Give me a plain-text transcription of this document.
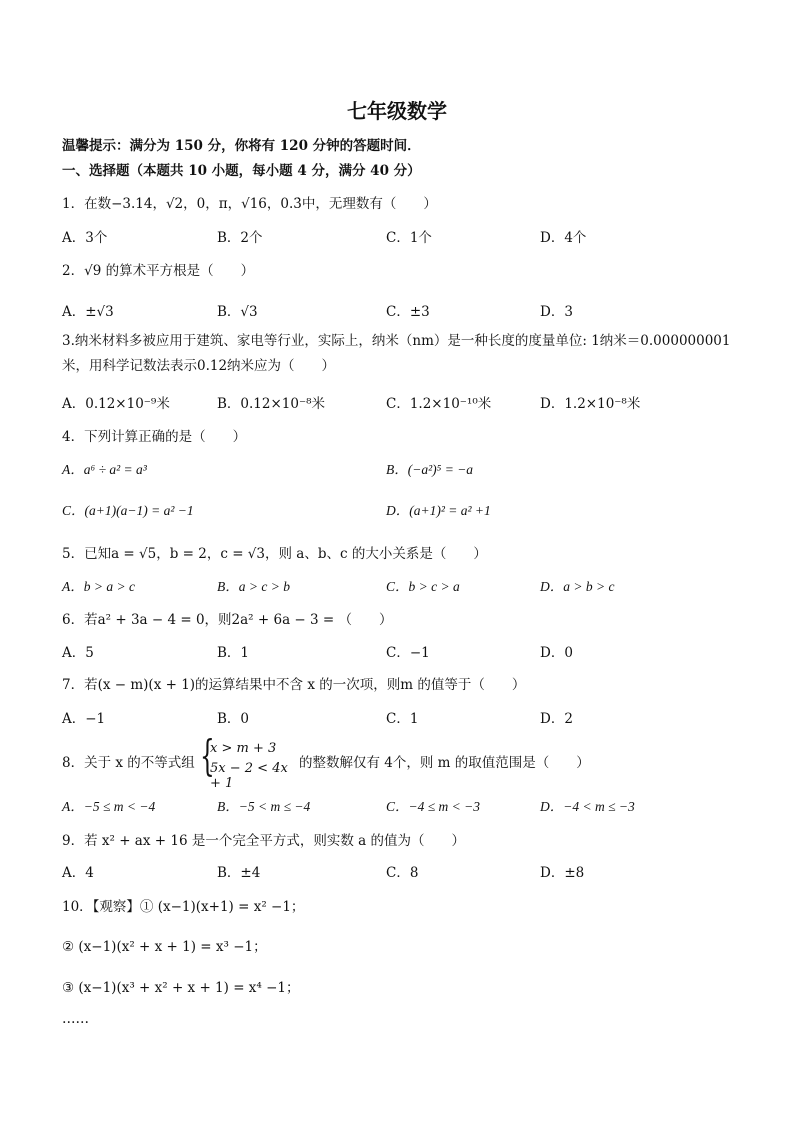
七年级数学
温馨提示：满分为 150 分，你将有 120 分钟的答题时间．
一、选择题（本题共 10 小题，每小题 4 分，满分 40 分）
1．在数−3.14，√2，0，π，√16，0.3̇中，无理数有（　　）
A．3个	B．2个	C．1个	D．4个
2．√9 的算术平方根是（　　）
A．±√3	B．√3	C．±3	D．3
3.纳米材料多被应用于建筑、家电等行业，实际上，纳米（nm）是一种长度的度量单位: 1纳米＝0.000000001米，用科学记数法表示0.12纳米应为（　　）
A．0.12×10⁻⁹米	B．0.12×10⁻⁸米	C．1.2×10⁻¹⁰米	D．1.2×10⁻⁸米
4．下列计算正确的是（　　）
A．a⁶ ÷ a² = a³	B．(−a²)⁵ = −a
C．(a+1)(a−1) = a² −1	D．(a+1)² = a² +1
5．已知a = √5，b = 2，c = √3，则 a、b、c 的大小关系是（　　）
A．b > a > c	B．a > c > b	C．b > c > a	D．a > b > c
6．若a² + 3a − 4 = 0，则2a² + 6a − 3 = （　　）
A．5	B．1	C．−1	D．0
7．若(x − m)(x + 1)的运算结果中不含 x 的一次项，则m 的值等于（　　）
A．−1	B．0	C．1	D．2
8．关于 x 的不等式组 {
x > m + 3
5x − 2 < 4x + 1
的整数解仅有 4个，则 m 的取值范围是（　　）
A．−5 ≤ m < −4	B．−5 < m ≤ −4	C．−4 ≤ m < −3	D．−4 < m ≤ −3
9．若 x² + ax + 16 是一个完全平方式，则实数 a 的值为（　　）
A．4	B．±4	C．8	D．±8
10．【观察】① (x−1)(x+1) = x² −1；
② (x−1)(x² + x + 1) = x³ −1；
③ (x−1)(x³ + x² + x + 1) = x⁴ −1；
……
